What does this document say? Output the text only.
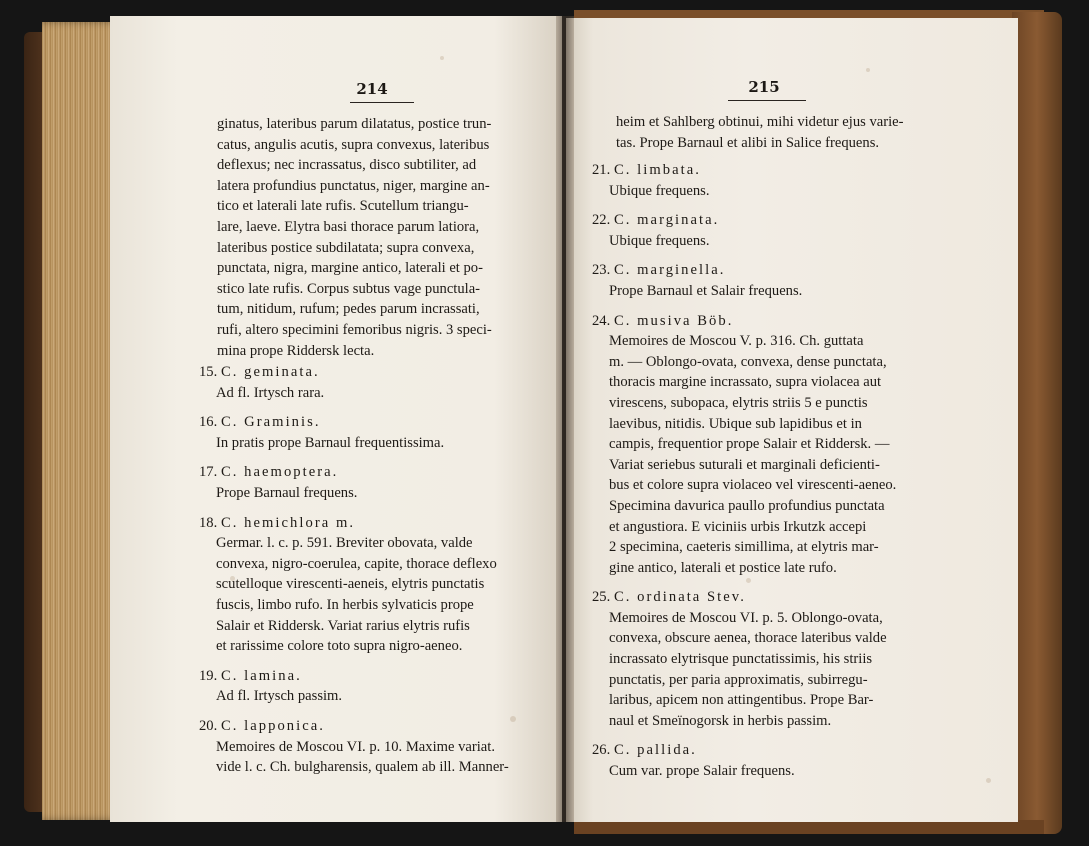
214
ginatus, lateribus parum dilatatus, postice trun-
catus, angulis acutis, supra convexus, lateribus
deflexus; nec incrassatus, disco subtiliter, ad
latera profundius punctatus, niger, margine an-
tico et laterali late rufis. Scutellum triangu-
lare, laeve. Elytra basi thorace parum latiora,
lateribus postice subdilatata; supra convexa,
punctata, nigra, margine antico, laterali et po-
stico late rufis. Corpus subtus vage punctula-
tum, nitidum, rufum; pedes parum incrassati,
rufi, altero specimini femoribus nigris. 3 speci-
mina prope Riddersk lecta.
15. C. geminata.
Ad fl. Irtysch rara.
16. C. Graminis.
In pratis prope Barnaul frequentissima.
17. C. haemoptera.
Prope Barnaul frequens.
18. C. hemichlora m.
Germar. l. c. p. 591. Breviter obovata, valde
convexa, nigro-coerulea, capite, thorace deflexo
scutelloque virescenti-aeneis, elytris punctatis
fuscis, limbo rufo. In herbis sylvaticis prope
Salair et Riddersk. Variat rarius elytris rufis
et rarissime colore toto supra nigro-aeneo.
19. C. lamina.
Ad fl. Irtysch passim.
20. C. lapponica.
Memoires de Moscou VI. p. 10. Maxime variat.
vide l. c. Ch. bulgharensis, qualem ab ill. Manner-
215
heim et Sahlberg obtinui, mihi videtur ejus varie-
tas. Prope Barnaul et alibi in Salice frequens.
21. C. limbata.
Ubique frequens.
22. C. marginata.
Ubique frequens.
23. C. marginella.
Prope Barnaul et Salair frequens.
24. C. musiva Böb.
Memoires de Moscou V. p. 316. Ch. guttata
m. — Oblongo-ovata, convexa, dense punctata,
thoracis margine incrassato, supra violacea aut
virescens, subopaca, elytris striis 5 e punctis
laevibus, nitidis. Ubique sub lapidibus et in
campis, frequentior prope Salair et Riddersk. —
Variat seriebus suturali et marginali deficienti-
bus et colore supra violaceo vel virescenti-aeneo.
Specimina davurica paullo profundius punctata
et angustiora. E viciniis urbis Irkutzk accepi
2 specimina, caeteris simillima, at elytris mar-
gine antico, laterali et postice late rufo.
25. C. ordinata Stev.
Memoires de Moscou VI. p. 5. Oblongo-ovata,
convexa, obscure aenea, thorace lateribus valde
incrassato elytrisque punctatissimis, his striis
punctatis, per paria approximatis, subirregu-
laribus, apicem non attingentibus. Prope Bar-
naul et Smeïnogorsk in herbis passim.
26. C. pallida.
Cum var. prope Salair frequens.
